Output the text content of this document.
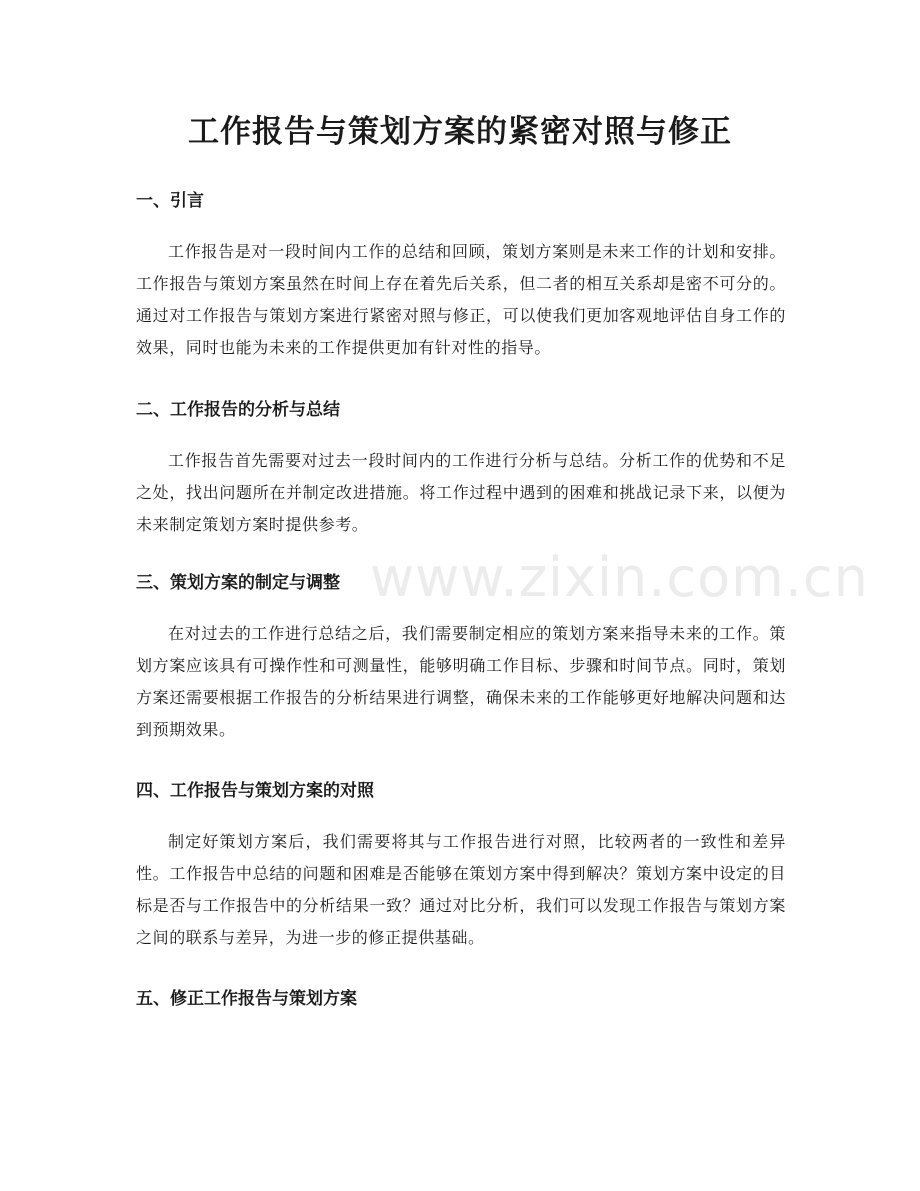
www.zixin.com.cn
工作报告与策划方案的紧密对照与修正
一、引言

工作报告是对一段时间内工作的总结和回顾，策划方案则是未来工作的计划和安排。工作报告与策划方案虽然在时间上存在着先后关系，但二者的相互关系却是密不可分的。通过对工作报告与策划方案进行紧密对照与修正，可以使我们更加客观地评估自身工作的效果，同时也能为未来的工作提供更加有针对性的指导。

二、工作报告的分析与总结

工作报告首先需要对过去一段时间内的工作进行分析与总结。分析工作的优势和不足之处，找出问题所在并制定改进措施。将工作过程中遇到的困难和挑战记录下来，以便为未来制定策划方案时提供参考。

三、策划方案的制定与调整

在对过去的工作进行总结之后，我们需要制定相应的策划方案来指导未来的工作。策划方案应该具有可操作性和可测量性，能够明确工作目标、步骤和时间节点。同时，策划方案还需要根据工作报告的分析结果进行调整，确保未来的工作能够更好地解决问题和达到预期效果。

四、工作报告与策划方案的对照

制定好策划方案后，我们需要将其与工作报告进行对照，比较两者的一致性和差异性。工作报告中总结的问题和困难是否能够在策划方案中得到解决？策划方案中设定的目标是否与工作报告中的分析结果一致？通过对比分析，我们可以发现工作报告与策划方案之间的联系与差异，为进一步的修正提供基础。

五、修正工作报告与策划方案
